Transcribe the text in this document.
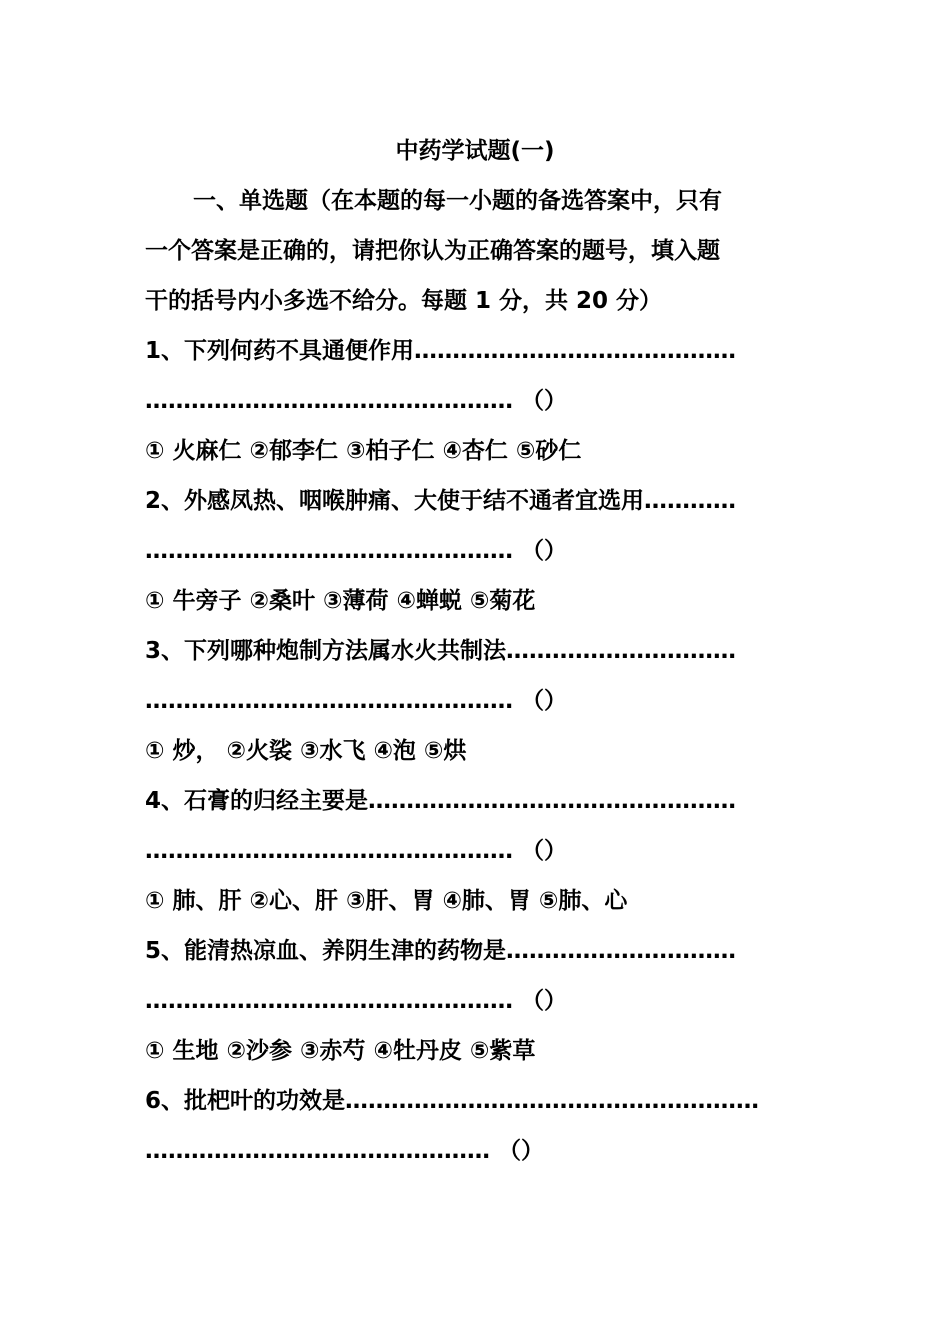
中药学试题(一)
一、单选题（在本题的每一小题的备选答案中，只有
一个答案是正确的，请把你认为正确答案的题号，填入题
干的括号内小多选不给分。每题 1 分，共 20 分）
1、下列何药不具通便作用……………………………………
………………………………………… （）
① 火麻仁 ②郁李仁 ③柏子仁 ④杏仁 ⑤砂仁
2、外感凤热、咽喉肿痛、大使于结不通者宜选用…………
………………………………………… （）
① 牛旁子 ②桑叶 ③薄荷 ④蝉蜕 ⑤菊花
3、下列哪种炮制方法属水火共制法…………………………
………………………………………… （）
① 炒， ②火裟 ③水飞 ④泡 ⑤烘
4、石膏的归经主要是…………………………………………
………………………………………… （）
① 肺、肝 ②心、肝 ③肝、胃 ④肺、胃 ⑤肺、心
5、能清热凉血、养阴生津的药物是…………………………
………………………………………… （）
① 生地 ②沙参 ③赤芍 ④牡丹皮 ⑤紫草
6、批杷叶的功效是………………………………………………
……………………………………… （）
